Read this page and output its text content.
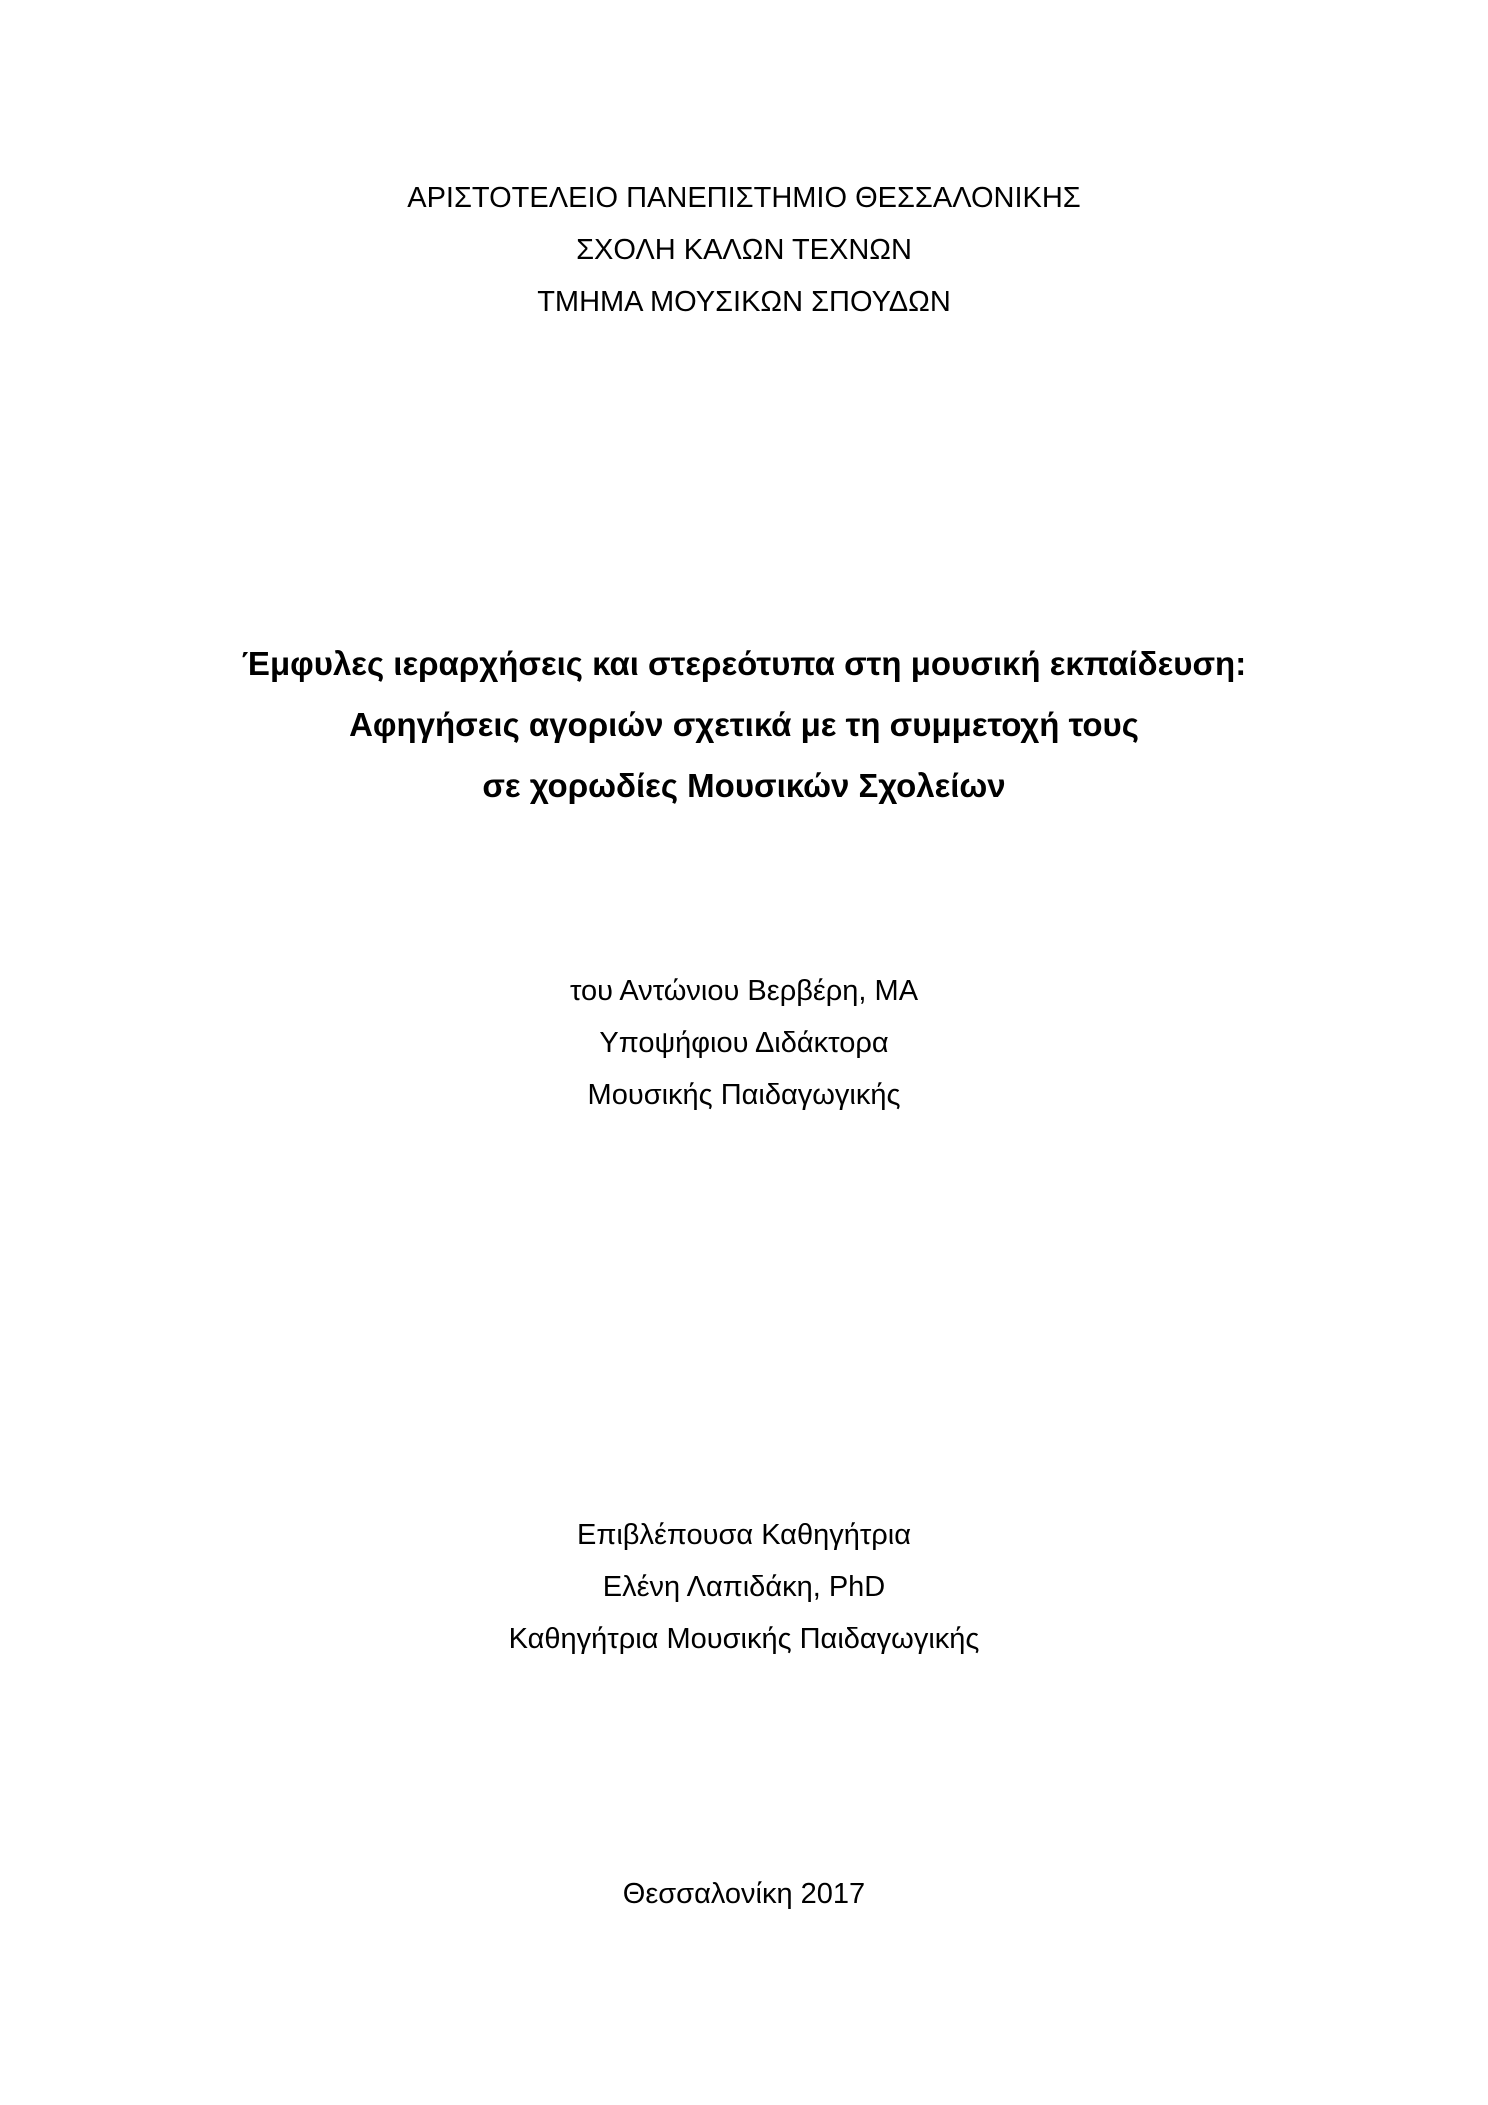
ΑΡΙΣΤΟΤΕΛΕΙΟ ΠΑΝΕΠΙΣΤΗΜΙΟ ΘΕΣΣΑΛΟΝΙΚΗΣ
ΣΧΟΛΗ ΚΑΛΩΝ ΤΕΧΝΩΝ
ΤΜΗΜΑ ΜΟΥΣΙΚΩΝ ΣΠΟΥΔΩΝ
Έμφυλες ιεραρχήσεις και στερεότυπα στη μουσική εκπαίδευση:
Αφηγήσεις αγοριών σχετικά με τη συμμετοχή τους
σε χορωδίες Μουσικών Σχολείων
του Αντώνιου Βερβέρη, MA
Υποψήφιου Διδάκτορα
Μουσικής Παιδαγωγικής
Επιβλέπουσα Καθηγήτρια
Ελένη Λαπιδάκη, PhD
Καθηγήτρια Μουσικής Παιδαγωγικής
Θεσσαλονίκη 2017
